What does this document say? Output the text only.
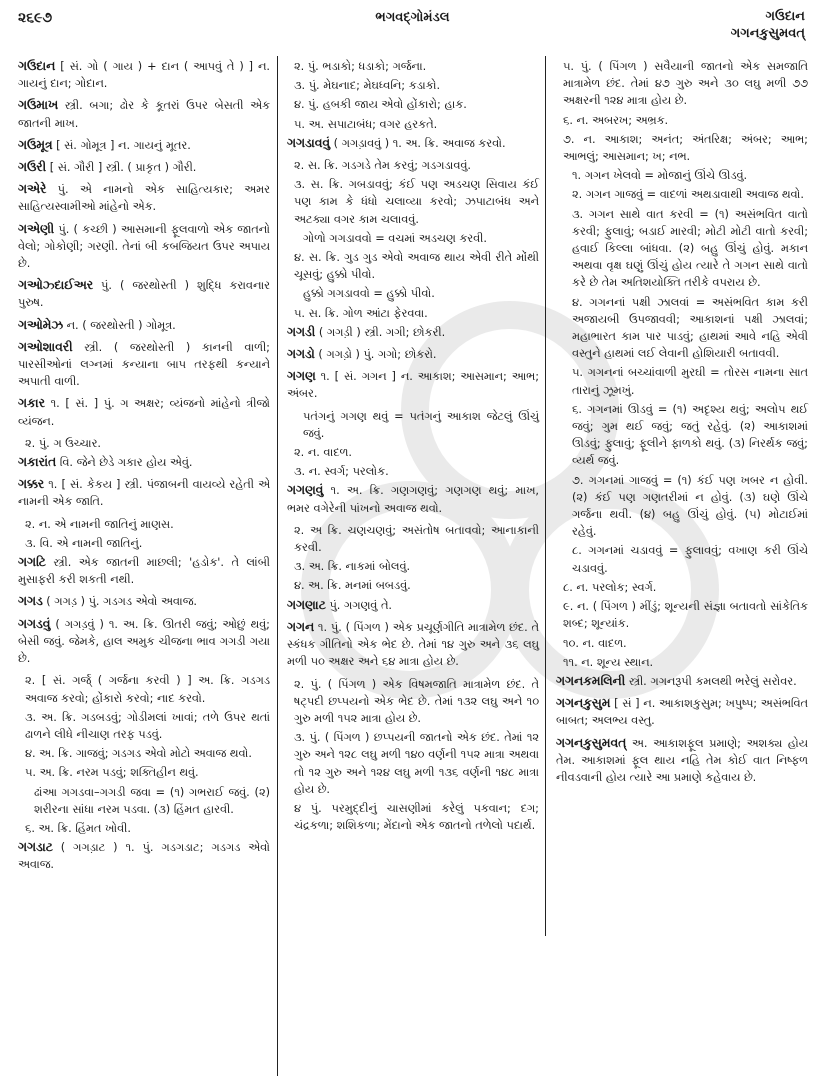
૨૬૯૭	ભગવદ્ગોમંડલ	ગઉદાન
ગગનકુસુમવત્

ગઉદાન [ સં. ગો ( ગાય ) + દાન ( આપવું તે ) ] ન. ગાયનું દાન; ગોદાન.

ગઉમાખ સ્ત્રી. બગા; ઢોર કે કૂતરાં ઉપર બેસતી એક જાતની માખ.

ગઉમૂત્ર [ સં. ગોમૂત્ર ] ન. ગાયનું મૂતર.

ગઉરી [ સં. ગૌરી ] સ્ત્રી. ( પ્રાકૃત ) ગૌરી.

ગએરે પું. એ નામનો એક સાહિત્યકાર; અમર સાહિત્યસ્વામીઓ માંહેનો એક.

ગએણી પું. ( કચ્છી ) આસમાની ફૂલવાળો એક જાતનો વેલો; ગોકોણી; ગરણી. તેનાં બી કબજિયત ઉપર અપાય છે.

ગઓઝ્દાઈઅર પું. ( જરથોસ્તી ) શુદ્ધિ કરાવનાર પુરુષ.

ગઓમેઝ ન. ( જરથોસ્તી ) ગોમૂત્ર.

ગઓશાવરી સ્ત્રી. ( જરથોસ્તી ) કાનની વાળી; પારસીઓનાં લગ્નમાં કન્યાના બાપ તરફથી કન્યાને અપાતી વાળી.

ગકાર ૧. [ સં. ] પું. ગ અક્ષર; વ્યંજનો માંહેનો ત્રીજો વ્યંજન.

૨. પું. ગ ઉચ્ચાર.

ગકારાંત વિ. જેને છેડે ગકાર હોય એવું.

ગક્કર ૧. [ સં. કેકય ] સ્ત્રી. પંજાબની વાયવ્યે રહેતી એ નામની એક જાતિ.

૨. ન. એ નામની જાતિનું માણસ.

૩. વિ. એ નામની જાતિનું.

ગગટિ સ્ત્રી. એક જાતની માછલી; 'હડોક'. તે લાંબી મુસાફરી કરી શકતી નથી.

ગગડ ( ગગડ઼ ) પું. ગડગડ એવો અવાજ.

ગગડવું ( ગગડ઼વું ) ૧. અ. ક્રિ. ઊતરી જવું; ઓછું થવું; બેસી જવું. જેમકે, હાલ અમુક ચીજના ભાવ ગગડી ગયા છે.

૨. [ સં. ગર્જ્ ( ગર્જના કરવી ) ] અ. ક્રિ. ગડગડ અવાજ કરવો; હોંકારો કરવો; નાદ કરવો.

૩. અ. ક્રિ. ગડબડવું; ગોડીમલાં ખાવાં; તળે ઉપર થતાં ઢાળને લીધે નીચાણ તરફ પડવું.

૪. અ. ક્રિ. ગાજવું; ગડગડ એવો મોટો અવાજ થવો.

૫. અ. ક્રિ. નરમ પડવું; શક્તિહીન થવું.

ઢાંઆ ગગડવા–ગગડી જવા = (૧) ગભરાઈ જવું. (૨) શરીરના સાંધા નરમ પડવા. (૩) હિંમત હારવી.

૬. અ. ક્રિ. હિંમત ખોવી.

ગગડાટ ( ગગડ઼ાટ ) ૧. પું. ગડગડાટ; ગડગડ એવો અવાજ.

૨. પું. ભડાકો; ધડાકો; ગર્જના.

૩. પું. મેઘનાદ; મેઘધ્વનિ; કડાકો.

૪. પું. હબકી જાય એવો હોંકારો; હાક.

૫. અ. સપાટાબંધ; વગર હરકતે.

ગગડાવવું ( ગગડ઼ાવવું ) ૧. અ. ક્રિ. અવાજ કરવો.

૨. સ. ક્રિ. ગડગડે તેમ કરવું; ગડગડાવવું.

૩. સ. ક્રિ. ગબડાવવું; કંઈ પણ અડચણ સિવાય કંઈ પણ કામ કે ધંધો ચલાવ્યા કરવો; ઝપાટાબંધ અને અટક્યા વગર કામ ચલાવવું.

ગોળો ગગડાવવો = વચમાં અડચણ કરવી.

૪. સ. ક્રિ. ગુડ ગુડ એવો અવાજ થાય એવી રીતે મોંથી ચૂસવું; હુક્કો પીવો.

હુક્કો ગગડાવવો = હુક્કો પીવો.

૫. સ. ક્રિ. ગોળ આંટા ફેરવવા.

ગગડી ( ગગડ઼ી ) સ્ત્રી. ગગી; છોકરી.

ગગડો ( ગગડ઼ો ) પું. ગગો; છોકરો.

ગગણ ૧. [ સં. ગગન ] ન. આકાશ; આસમાન; આભ; અંબર.

પતંગનું ગગણ થવું = પતંગનું આકાશ જેટલું ઊંચું જવું.

૨. ન. વાદળ.

૩. ન. સ્વર્ગ; પરલોક.

ગગણવું ૧. અ. ક્રિ. ગણગણવું; ગણગણ થવું; માખ, ભમર વગેરેની પાંખનો અવાજ થવો.

૨. અ ક્રિ. ચણચણવું; અસંતોષ બતાવવો; આનાકાની કરવી.

૩. અ. ક્રિ. નાકમાં બોલવું.

૪. અ. ક્રિ. મનમાં બબડવું.

ગગણાટ પું. ગગણવું તે.

ગગન ૧. પું. ( પિંગળ ) એક પ્રચૂર્ણગીતિ માત્રામેળ છંદ. તે સ્કંધક ગીતિનો એક ભેદ છે. તેમાં ૧૪ ગુરુ અને ૩૬ લઘુ મળી ૫૦ અક્ષર અને ૬૪ માત્રા હોય છે.

૨. પું. ( પિંગળ ) એક વિષમજાતિ માત્રામેળ છંદ. તે ષટ્પદી છપ્પયનો એક ભેદ છે. તેમાં ૧૩૨ લઘુ અને ૧૦ ગુરુ મળી ૧૫૨ માત્રા હોય છે.

૩. પું. ( પિંગળ ) છપ્પયની જાતનો એક છંદ. તેમાં ૧૨ ગુરુ અને ૧૨૮ લઘુ મળી ૧૪૦ વર્ણની ૧૫૨ માત્રા અથવા તો ૧૨ ગુરુ અને ૧૨૪ લઘુ મળી ૧૩૬ વર્ણની ૧૪૮ માત્રા હોય છે.

૪ પું. પરમુદ્દીનું ચાસણીમાં કરેલું પકવાન; દગ; ચંદ્રકળા; શશિકળા; મેંદાનો એક જાતનો તળેલો પદાર્થ.

૫. પું. ( પિંગળ ) સવૈયાની જાતનો એક સમજાતિ માત્રામેળ છંદ. તેમાં ૪૭ ગુરુ અને ૩૦ લઘુ મળી ૭૭ અક્ષરની ૧૨૪ માત્રા હોય છે.

૬. ન. અબરખ; અભ્રક.

૭. ન. આકાશ; અનંત; અંતરિક્ષ; અંબર; આભ; આભલું; આસમાન; ખ; નભ.

૧. ગગન ખેલવો = મોજાનું ઊંચે ઊડવું.

૨. ગગન ગાજવું = વાદળાં અથડાવાથી અવાજ થવો.

૩. ગગન સાથે વાત કરવી = (૧) અસંભવિત વાતો કરવી; ફુલાવું; બડાઈ મારવી; મોટી મોટી વાતો કરવી; હવાઈ કિલ્લા બાંધવા. (૨) બહુ ઊંચું હોવું. મકાન અથવા વૃક્ષ ઘણું ઊંચું હોય ત્યારે તે ગગન સાથે વાતો કરે છે તેમ અતિશયોક્તિ તરીકે વપરાય છે.

૪. ગગનનાં પક્ષી ઝાલવાં = અસંભવિત કામ કરી અજાયબી ઉપજાવવી; આકાશનાં પક્ષી ઝાલવાં; મહાભારત કામ પાર પાડવું; હાથમાં આવે નહિ એવી વસ્તુને હાથમાં લઈ લેવાની હોશિયારી બતાવવી.

૫. ગગનનાં બચ્ચાંવાળી મુરઘી = તોરસ નામના સાત તારાનું ઝૂમખું.

૬. ગગનમાં ઊડવું = (૧) અદૃશ્ય થવું; અલોપ થઈ જવું; ગુમ થઈ જવું; જતું રહેવું. (૨) આકાશમાં ઊડવું; ફુલાવું; ફૂલીને ફાળકો થવું. (૩) નિરર્થક જવું; વ્યર્થ જવું.

૭. ગગનમાં ગાજવું = (૧) કંઈ પણ ખબર ન હોવી. (૨) કંઈ પણ ગણતરીમાં ન હોવું. (૩) ઘણે ઊંચે ગર્જના થવી. (૪) બહુ ઊંચું હોવું. (૫) મોટાઈમાં રહેવું.

૮. ગગનમાં ચડાવવું = ફુલાવવું; વખાણ કરી ઊંચે ચડાવવું.

૮. ન. પરલોક; સ્વર્ગ.

૯. ન. ( પિંગળ ) મીંડું; શૂન્યની સંજ્ઞા બતાવતો સાંકેતિક શબ્દ; શૂન્યાંક.

૧૦. ન. વાદળ.

૧૧. ન. શૂન્ય સ્થાન.

ગગનકમલિની સ્ત્રી. ગગનરૂપી કમલથી ભરેલું સરોવર.

ગગનકુસુમ [ સં ] ન. આકાશકુસુમ; ખપુષ્પ; અસંભવિત બાબત; અલભ્ય વસ્તુ.

ગગનકુસુમવત્ અ. આકાશફૂલ પ્રમાણે; અશક્ય હોય તેમ. આકાશમાં ફૂલ થાય નહિ તેમ કોઈ વાત નિષ્ફળ નીવડવાની હોય ત્યારે આ પ્રમાણે કહેવાય છે.
